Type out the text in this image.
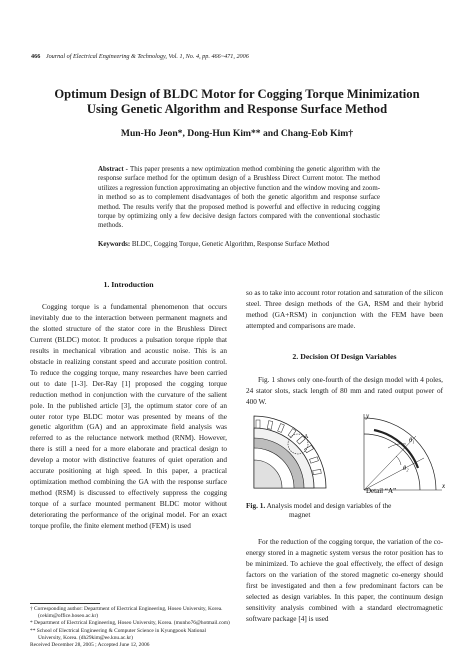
466 Journal of Electrical Engineering & Technology, Vol. 1, No. 4, pp. 466~471, 2006
Optimum Design of BLDC Motor for Cogging Torque Minimization
Using Genetic Algorithm and Response Surface Method
Mun-Ho Jeon*, Dong-Hun Kim** and Chang-Eob Kim†
Abstract - This paper presents a new optimization method combining the genetic algorithm with the response surface method for the optimum design of a Brushless Direct Current motor. The method utilizes a regression function approximating an objective function and the window moving and zoom-in method so as to complement disadvantages of both the genetic algorithm and response surface method. The results verify that the proposed method is powerful and effective in reducing cogging torque by optimizing only a few decisive design factors compared with the conventional stochastic methods.
Keywords: BLDC, Cogging Torque, Genetic Algorithm, Response Surface Method
1. Introduction
Cogging torque is a fundamental phenomenon that occurs inevitably due to the interaction between permanent magnets and the slotted structure of the stator core in the Brushless Direct Current (BLDC) motor. It produces a pulsation torque ripple that results in mechanical vibration and acoustic noise. This is an obstacle in realizing constant speed and accurate position control. To reduce the cogging torque, many researches have been carried out to date [1-3]. Der-Ray [1] proposed the cogging torque reduction method in conjunction with the curvature of the salient pole. In the published article [3], the optimum stator core of an outer rotor type BLDC motor was presented by means of the genetic algorithm (GA) and an approximate field analysis was referred to as the reluctance network method (RNM). However, there is still a need for a more elaborate and practical design to develop a motor with distinctive features of quiet operation and accurate positioning at high speed. In this paper, a practical optimization method combining the GA with the response surface method (RSM) is discussed to effectively suppress the cogging torque of a surface mounted permanent BLDC motor without deteriorating the performance of the original model. For an exact torque profile, the finite element method (FEM) is used
so as to take into account rotor rotation and saturation of the silicon steel. Three design methods of the GA, RSM and their hybrid method (GA+RSM) in conjunction with the FEM have been attempted and comparisons are made.
2. Decision Of Design Variables
Fig. 1 shows only one-fourth of the design model with 4 poles, 24 stator slots, stack length of 80 mm and rated output power of 400 W.
A
x
y
θ₁
θ₂
Detail “A”
Fig. 1. Analysis model and design variables of the
magnet
For the reduction of the cogging torque, the variation of the co-energy stored in a magnetic system versus the rotor position has to be minimized. To achieve the goal effectively, the effect of design factors on the variation of the stored magnetic co-energy should first be investigated and then a few predominant factors can be selected as design variables. In this paper, the continuum design sensitivity analysis combined with a standard electromagnetic software package [4] is used
† Corresponding author: Department of Electrical Engineering, Hoseo University, Korea. (cekim@office.hoseo.ac.kr)
* Department of Electrical Engineering, Hoseo University, Korea. (munho76@hotmail.com)
** School of Electrical Engineering & Computer Science in Kyungpook National University, Korea. (dh29kim@ee.knu.ac.kr)
Received December 28, 2005 ; Accepted June 12, 2006
